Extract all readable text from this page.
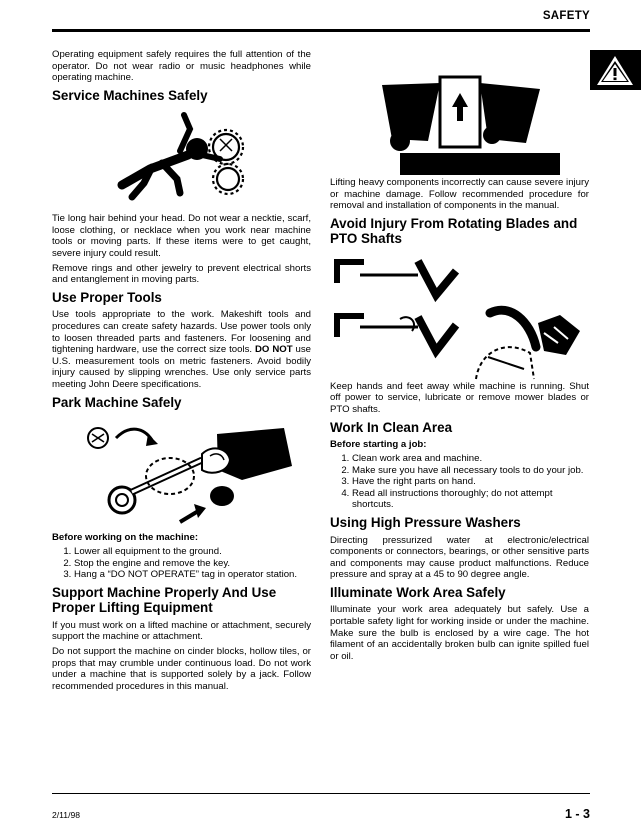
SAFETY

Operating equipment safely requires the full attention of the operator. Do not wear radio or music headphones while operating machine.

Service Machines Safely

Tie long hair behind your head. Do not wear a necktie, scarf, loose clothing, or necklace when you work near machine tools or moving parts. If these items were to get caught, severe injury could result.

Remove rings and other jewelry to prevent electrical shorts and entanglement in moving parts.

Use Proper Tools

Use tools appropriate to the work. Makeshift tools and procedures can create safety hazards. Use power tools only to loosen threaded parts and fasteners. For loosening and tightening hardware, use the correct size tools. DO NOT use U.S. measurement tools on metric fasteners. Avoid bodily injury caused by slipping wrenches. Use only service parts meeting John Deere specifications.

Park Machine Safely
Before working on the machine:
1. Lower all equipment to the ground.
2. Stop the engine and remove the key.
3. Hang a “DO NOT OPERATE” tag in operator station.
Support Machine Properly And Use Proper Lifting Equipment

If you must work on a lifted machine or attachment, securely support the machine or attachment.

Do not support the machine on cinder blocks, hollow tiles, or props that may crumble under continuous load. Do not work under a machine that is supported solely by a jack. Follow recommended procedures in this manual.

Lifting heavy components incorrectly can cause severe injury or machine damage. Follow recommended procedure for removal and installation of components in the manual.

Avoid Injury From Rotating Blades and PTO Shafts

Keep hands and feet away while machine is running. Shut off power to service, lubricate or remove mower blades or PTO shafts.

Work In Clean Area
Before starting a job:
1. Clean work area and machine.
2. Make sure you have all necessary tools to do your job.
3. Have the right parts on hand.
4. Read all instructions thoroughly; do not attempt shortcuts.
Using High Pressure Washers

Directing pressurized water at electronic/electrical components or connectors, bearings, or other sensitive parts and components may cause product malfunctions. Reduce pressure and spray at a 45 to 90 degree angle.

Illuminate Work Area Safely

Illuminate your work area adequately but safely. Use a portable safety light for working inside or under the machine. Make sure the bulb is enclosed by a wire cage. The hot filament of an accidentally broken bulb can ignite spilled fuel or oil.

2/11/98	1 - 3
